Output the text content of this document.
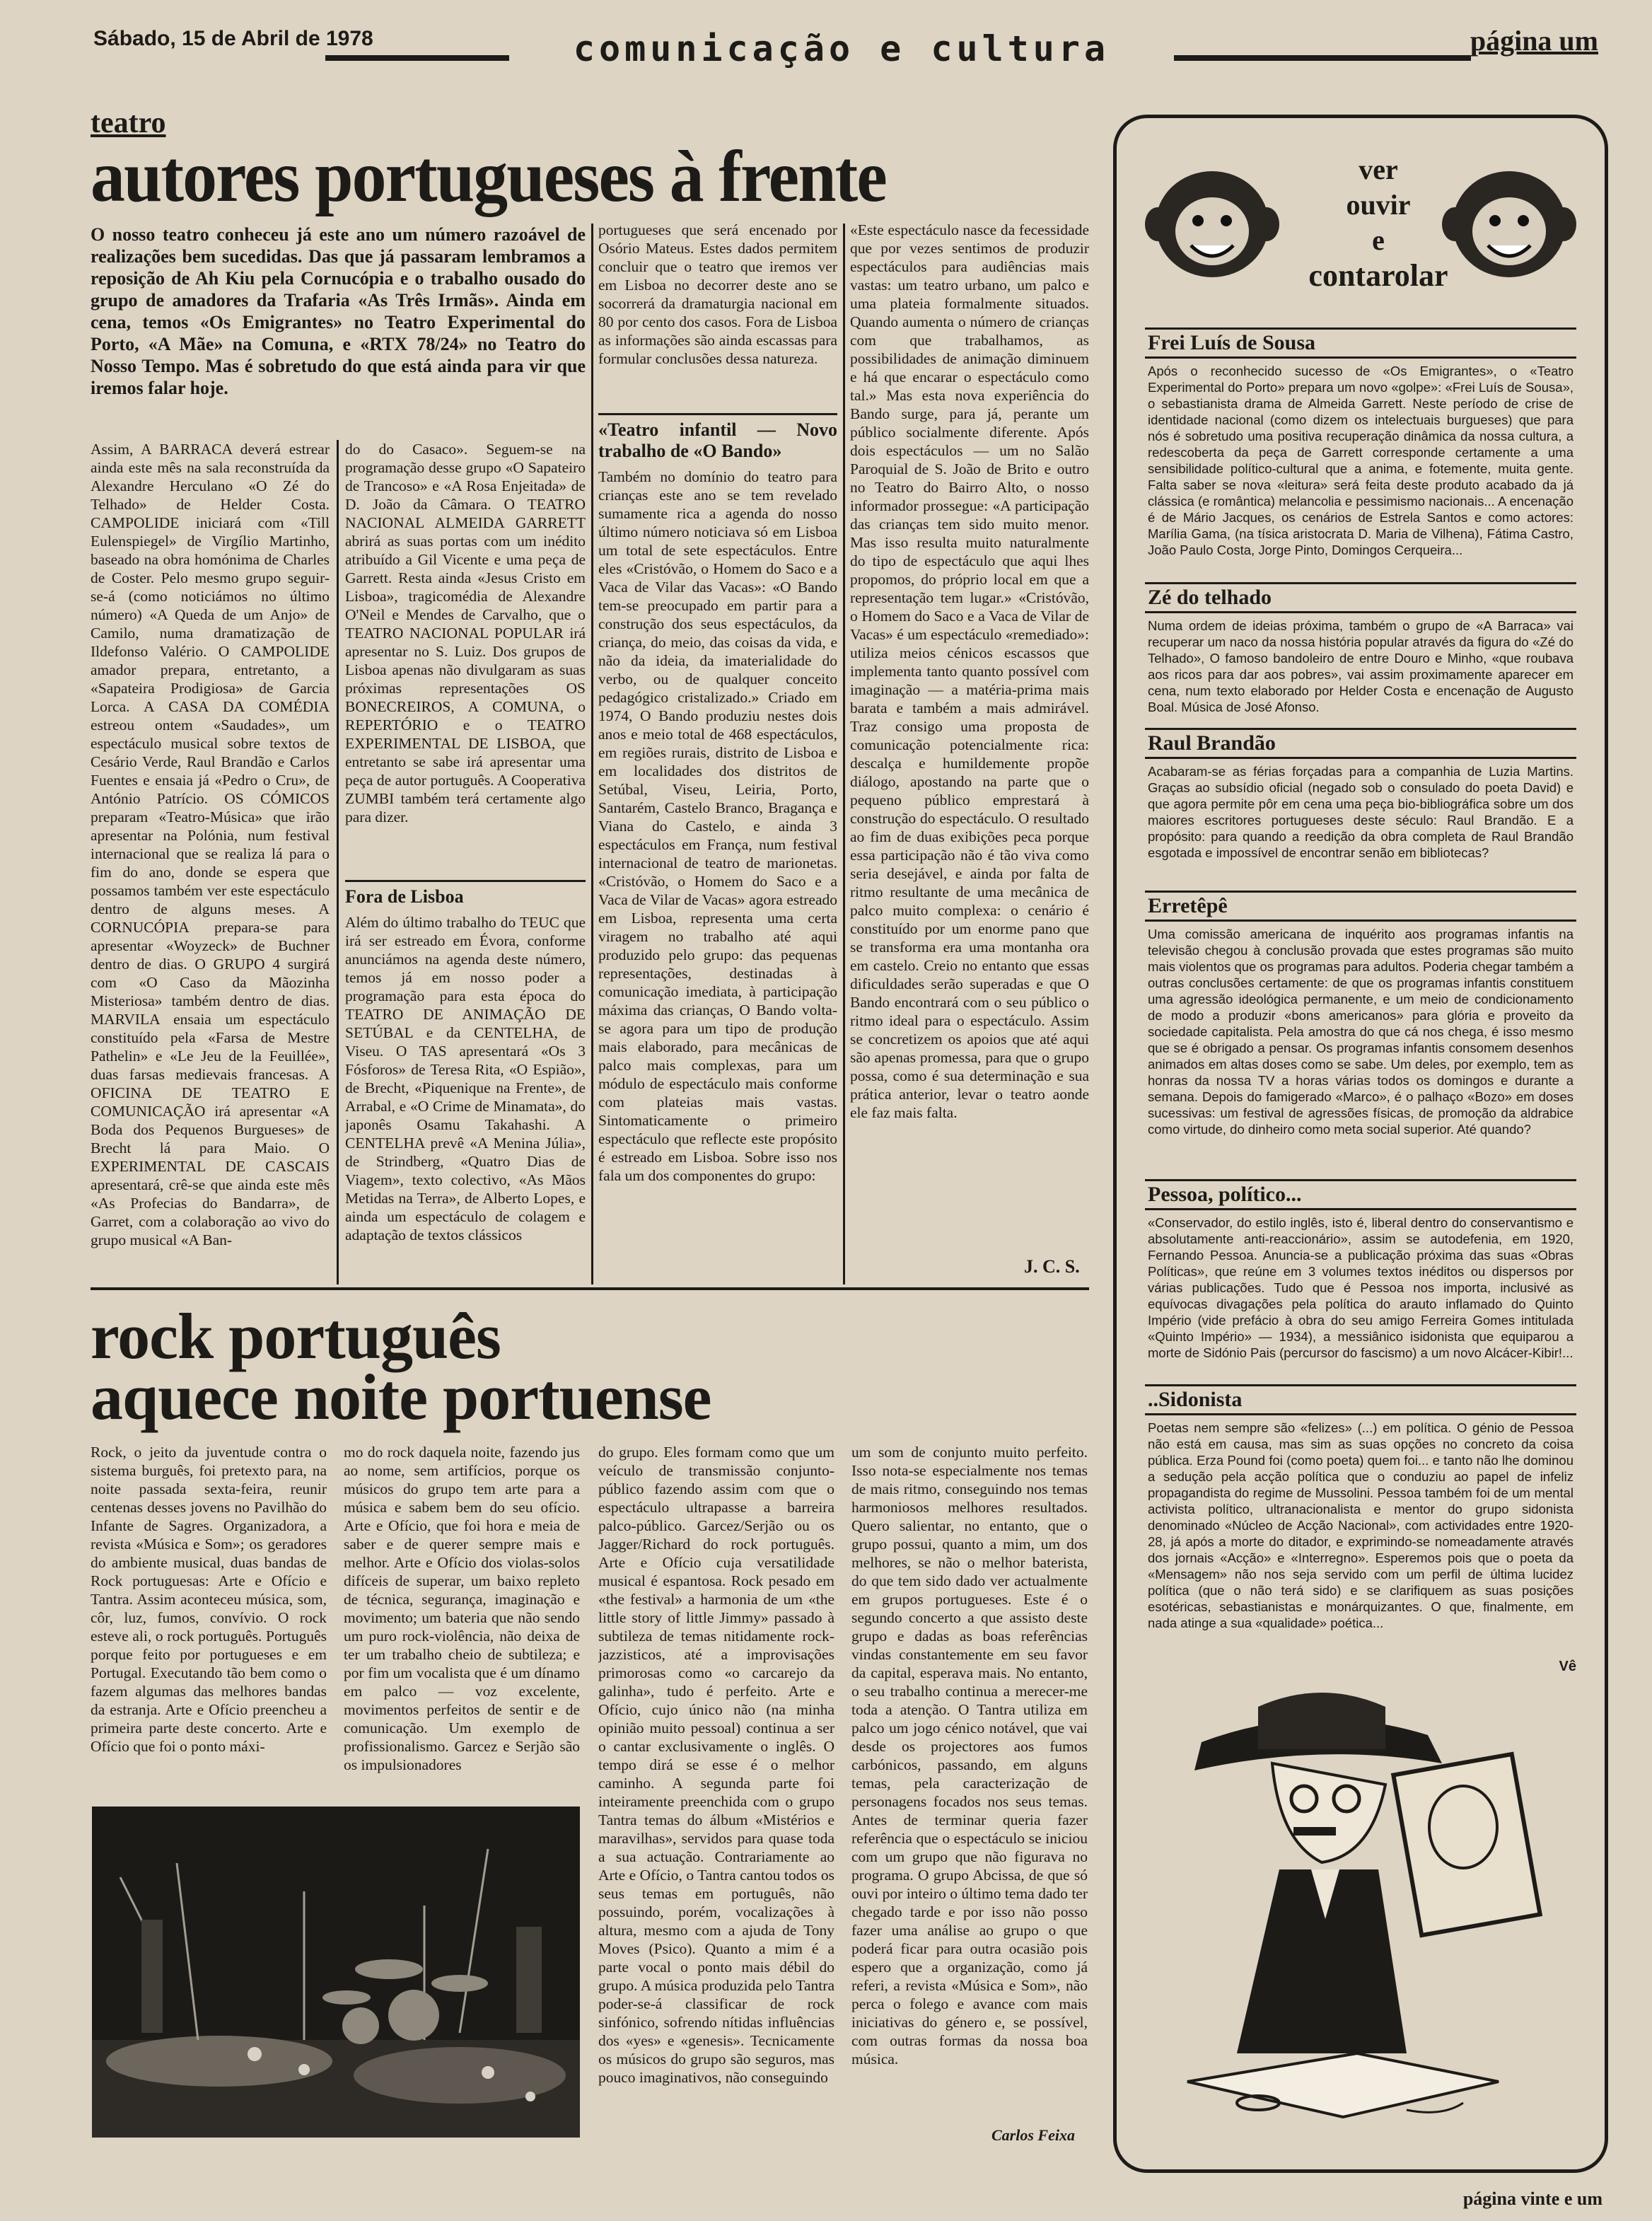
Sábado, 15 de Abril de 1978	comunicação e cultura	página um
teatro
autores portugueses à frente
O nosso teatro conheceu já este ano um número razoável de realizações bem sucedidas. Das que já passaram lembramos a reposição de Ah Kiu pela Cornucópia e o trabalho ousado do grupo de amadores da Trafaria «As Três Irmãs». Ainda em cena, temos «Os Emigrantes» no Teatro Experimental do Porto, «A Mãe» na Comuna, e «RTX 78/24» no Teatro do Nosso Tempo. Mas é sobretudo do que está ainda para vir que iremos falar hoje.
Assim, A BARRACA deverá estrear ainda este mês na sala reconstruída da Alexandre Herculano «O Zé do Telhado» de Helder Costa. CAMPOLIDE iniciará com «Till Eulenspiegel» de Virgílio Martinho, baseado na obra homónima de Charles de Coster. Pelo mesmo grupo seguir-se-á (como noticiámos no último número) «A Queda de um Anjo» de Camilo, numa dramatização de Ildefonso Valério. O CAMPOLIDE amador prepara, entretanto, a «Sapateira Prodigiosa» de Garcia Lorca. A CASA DA COMÉDIA estreou ontem «Saudades», um espectáculo musical sobre textos de Cesário Verde, Raul Brandão e Carlos Fuentes e ensaia já «Pedro o Cru», de António Patrício. OS CÓMICOS preparam «Teatro-Música» que irão apresentar na Polónia, num festival internacional que se realiza lá para o fim do ano, donde se espera que possamos também ver este espectáculo dentro de alguns meses. A CORNUCÓPIA prepara-se para apresentar «Woyzeck» de Buchner dentro de dias. O GRUPO 4 surgirá com «O Caso da Mãozinha Misteriosa» também dentro de dias. MARVILA ensaia um espectáculo constituído pela «Farsa de Mestre Pathelin» e «Le Jeu de la Feuillée», duas farsas medievais francesas. A OFICINA DE TEATRO E COMUNICAÇÃO irá apresentar «A Boda dos Pequenos Burgueses» de Brecht lá para Maio. O EXPERIMENTAL DE CASCAIS apresentará, crê-se que ainda este mês «As Profecias do Bandarra», de Garret, com a colaboração ao vivo do grupo musical «A Ban-
do do Casaco». Seguem-se na programação desse grupo «O Sapateiro de Trancoso» e «A Rosa Enjeitada» de D. João da Câmara. O TEATRO NACIONAL ALMEIDA GARRETT abrirá as suas portas com um inédito atribuído a Gil Vicente e uma peça de Garrett. Resta ainda «Jesus Cristo em Lisboa», tragicomédia de Alexandre O'Neil e Mendes de Carvalho, que o TEATRO NACIONAL POPULAR irá apresentar no S. Luiz. Dos grupos de Lisboa apenas não divulgaram as suas próximas representações OS BONECREIROS, A COMUNA, o REPERTÓRIO e o TEATRO EXPERIMENTAL DE LISBOA, que entretanto se sabe irá apresentar uma peça de autor português. A Cooperativa ZUMBI também terá certamente algo para dizer.
Fora de Lisboa
Além do último trabalho do TEUC que irá ser estreado em Évora, conforme anunciámos na agenda deste número, temos já em nosso poder a programação para esta época do TEATRO DE ANIMAÇÃO DE SETÚBAL e da CENTELHA, de Viseu. O TAS apresentará «Os 3 Fósforos» de Teresa Rita, «O Espião», de Brecht, «Piquenique na Frente», de Arrabal, e «O Crime de Minamata», do japonês Osamu Takahashi. A CENTELHA prevê «A Menina Júlia», de Strindberg, «Quatro Dias de Viagem», texto colectivo, «As Mãos Metidas na Terra», de Alberto Lopes, e ainda um espectáculo de colagem e adaptação de textos clássicos
portugueses que será encenado por Osório Mateus. Estes dados permitem concluir que o teatro que iremos ver em Lisboa no decorrer deste ano se socorrerá da dramaturgia nacional em 80 por cento dos casos. Fora de Lisboa as informações são ainda escassas para formular conclusões dessa natureza.
«Teatro infantil — Novo trabalho de «O Bando»
Também no domínio do teatro para crianças este ano se tem revelado sumamente rica a agenda do nosso último número noticiava só em Lisboa um total de sete espectáculos. Entre eles «Cristóvão, o Homem do Saco e a Vaca de Vilar das Vacas»: «O Bando tem-se preocupado em partir para a construção dos seus espectáculos, da criança, do meio, das coisas da vida, e não da ideia, da imaterialidade do verbo, ou de qualquer conceito pedagógico cristalizado.» Criado em 1974, O Bando produziu nestes dois anos e meio total de 468 espectáculos, em regiões rurais, distrito de Lisboa e em localidades dos distritos de Setúbal, Viseu, Leiria, Porto, Santarém, Castelo Branco, Bragança e Viana do Castelo, e ainda 3 espectáculos em França, num festival internacional de teatro de marionetas. «Cristóvão, o Homem do Saco e a Vaca de Vilar de Vacas» agora estreado em Lisboa, representa uma certa viragem no trabalho até aqui produzido pelo grupo: das pequenas representações, destinadas à comunicação imediata, à participação máxima das crianças, O Bando volta-se agora para um tipo de produção mais elaborado, para mecânicas de palco mais complexas, para um módulo de espectáculo mais conforme com plateias mais vastas. Sintomaticamente o primeiro espectáculo que reflecte este propósito é estreado em Lisboa. Sobre isso nos fala um dos componentes do grupo:
«Este espectáculo nasce da fecessidade que por vezes sentimos de produzir espectáculos para audiências mais vastas: um teatro urbano, um palco e uma plateia formalmente situados. Quando aumenta o número de crianças com que trabalhamos, as possibilidades de animação diminuem e há que encarar o espectáculo como tal.» Mas esta nova experiência do Bando surge, para já, perante um público socialmente diferente. Após dois espectáculos — um no Salão Paroquial de S. João de Brito e outro no Teatro do Bairro Alto, o nosso informador prossegue: «A participação das crianças tem sido muito menor. Mas isso resulta muito naturalmente do tipo de espectáculo que aqui lhes propomos, do próprio local em que a representação tem lugar.» «Cristóvão, o Homem do Saco e a Vaca de Vilar de Vacas» é um espectáculo «remediado»: utiliza meios cénicos escassos que implementa tanto quanto possível com imaginação — a matéria-prima mais barata e também a mais admirável. Traz consigo uma proposta de comunicação potencialmente rica: descalça e humildemente propõe diálogo, apostando na parte que o pequeno público emprestará à construção do espectáculo. O resultado ao fim de duas exibições peca porque essa participação não é tão viva como seria desejável, e ainda por falta de ritmo resultante de uma mecânica de palco muito complexa: o cenário é constituído por um enorme pano que se transforma era uma montanha ora em castelo. Creio no entanto que essas dificuldades serão superadas e que O Bando encontrará com o seu público o ritmo ideal para o espectáculo. Assim se concretizem os apoios que até aqui são apenas promessa, para que o grupo possa, como é sua determinação e sua prática anterior, levar o teatro aonde ele faz mais falta.
J. C. S.
rock português
aquece noite portuense
Rock, o jeito da juventude contra o sistema burguês, foi pretexto para, na noite passada sexta-feira, reunir centenas desses jovens no Pavilhão do Infante de Sagres. Organizadora, a revista «Música e Som»; os geradores do ambiente musical, duas bandas de Rock portuguesas: Arte e Ofício e Tantra. Assim aconteceu música, som, côr, luz, fumos, convívio. O rock esteve ali, o rock português. Português porque feito por portugueses e em Portugal. Executando tão bem como o fazem algumas das melhores bandas da estranja. Arte e Ofício preencheu a primeira parte deste concerto. Arte e Ofício que foi o ponto máxi-
mo do rock daquela noite, fazendo jus ao nome, sem artifícios, porque os músicos do grupo tem arte para a música e sabem bem do seu ofício. Arte e Ofício, que foi hora e meia de saber e de querer sempre mais e melhor. Arte e Ofício dos violas-solos difíceis de superar, um baixo repleto de técnica, segurança, imaginação e movimento; um bateria que não sendo um puro rock-violência, não deixa de ter um trabalho cheio de subtileza; e por fim um vocalista que é um dínamo em palco — voz excelente, movimentos perfeitos de sentir e de comunicação. Um exemplo de profissionalismo. Garcez e Serjão são os impulsionadores
do grupo. Eles formam como que um veículo de transmissão conjunto-público fazendo assim com que o espectáculo ultrapasse a barreira palco-público. Garcez/Serjão ou os Jagger/Richard do rock português. Arte e Ofício cuja versatilidade musical é espantosa. Rock pesado em «the festival» a harmonia de um «the little story of little Jimmy» passado à subtileza de temas nitidamente rock-jazzisticos, até a improvisações primorosas como «o carcarejo da galinha», tudo é perfeito. Arte e Ofício, cujo único não (na minha opinião muito pessoal) continua a ser o cantar exclusivamente o inglês. O tempo dirá se esse é o melhor caminho. A segunda parte foi inteiramente preenchida com o grupo Tantra temas do álbum «Mistérios e maravilhas», servidos para quase toda a sua actuação. Contrariamente ao Arte e Ofício, o Tantra cantou todos os seus temas em português, não possuindo, porém, vocalizações à altura, mesmo com a ajuda de Tony Moves (Psico). Quanto a mim é a parte vocal o ponto mais débil do grupo. A música produzida pelo Tantra poder-se-á classificar de rock sinfónico, sofrendo nítidas influências dos «yes» e «genesis». Tecnicamente os músicos do grupo são seguros, mas pouco imaginativos, não conseguindo
um som de conjunto muito perfeito. Isso nota-se especialmente nos temas de mais ritmo, conseguindo nos temas harmoniosos melhores resultados. Quero salientar, no entanto, que o grupo possui, quanto a mim, um dos melhores, se não o melhor baterista, do que tem sido dado ver actualmente em grupos portugueses. Este é o segundo concerto a que assisto deste grupo e dadas as boas referências vindas constantemente em seu favor da capital, esperava mais. No entanto, o seu trabalho continua a merecer-me toda a atenção. O Tantra utiliza em palco um jogo cénico notável, que vai desde os projectores aos fumos carbónicos, passando, em alguns temas, pela caracterização de personagens focados nos seus temas. Antes de terminar queria fazer referência que o espectáculo se iniciou com um grupo que não figurava no programa. O grupo Abcissa, de que só ouvi por inteiro o último tema dado ter chegado tarde e por isso não posso fazer uma análise ao grupo o que poderá ficar para outra ocasião pois espero que a organização, como já referi, a revista «Música e Som», não perca o folego e avance com mais iniciativas do género e, se possível, com outras formas da nossa boa música.
Carlos Feixa
ver
ouvir
e
contarolar
Frei Luís de Sousa
Após o reconhecido sucesso de «Os Emigrantes», o «Teatro Experimental do Porto» prepara um novo «golpe»: «Frei Luís de Sousa», o sebastianista drama de Almeida Garrett. Neste período de crise de identidade nacional (como dizem os intelectuais burgueses) que para nós é sobretudo uma positiva recuperação dinâmica da nossa cultura, a redescoberta da peça de Garrett corresponde certamente a uma sensibilidade político-cultural que a anima, e fotemente, muita gente. Falta saber se nova «leitura» será feita deste produto acabado da já clássica (e romântica) melancolia e pessimismo nacionais... A encenação é de Mário Jacques, os cenários de Estrela Santos e como actores: Marília Gama, (na tísica aristocrata D. Maria de Vilhena), Fátima Castro, João Paulo Costa, Jorge Pinto, Domingos Cerqueira...
Zé do telhado
Numa ordem de ideias próxima, também o grupo de «A Barraca» vai recuperar um naco da nossa história popular através da figura do «Zé do Telhado», O famoso bandoleiro de entre Douro e Minho, «que roubava aos ricos para dar aos pobres», vai assim proximamente aparecer em cena, num texto elaborado por Helder Costa e encenação de Augusto Boal. Música de José Afonso.
Raul Brandão
Acabaram-se as férias forçadas para a companhia de Luzia Martins. Graças ao subsídio oficial (negado sob o consulado do poeta David) e que agora permite pôr em cena uma peça bio-bibliográfica sobre um dos maiores escritores portugueses deste século: Raul Brandão. E a propósito: para quando a reedição da obra completa de Raul Brandão esgotada e impossível de encontrar senão em bibliotecas?
Erretêpê
Uma comissão americana de inquérito aos programas infantis na televisão chegou à conclusão provada que estes programas são muito mais violentos que os programas para adultos. Poderia chegar também a outras conclusões certamente: de que os programas infantis constituem uma agressão ideológica permanente, e um meio de condicionamento de modo a produzir «bons americanos» para glória e proveito da sociedade capitalista. Pela amostra do que cá nos chega, é isso mesmo que se é obrigado a pensar. Os programas infantis consomem desenhos animados em altas doses como se sabe. Um deles, por exemplo, tem as honras da nossa TV a horas várias todos os domingos e durante a semana. Depois do famigerado «Marco», é o palhaço «Bozo» em doses sucessivas: um festival de agressões físicas, de promoção da aldrabice como virtude, do dinheiro como meta social superior. Até quando?
Pessoa, político...
«Conservador, do estilo inglês, isto é, liberal dentro do conservantismo e absolutamente anti-reaccionário», assim se autodefenia, em 1920, Fernando Pessoa. Anuncia-se a publicação próxima das suas «Obras Políticas», que reúne em 3 volumes textos inéditos ou dispersos por várias publicações. Tudo que é Pessoa nos importa, inclusivé as equívocas divagações pela política do arauto inflamado do Quinto Império (vide prefácio à obra do seu amigo Ferreira Gomes intitulada «Quinto Império» — 1934), a messiânico isidonista que equiparou a morte de Sidónio Pais (percursor do fascismo) a um novo Alcácer-Kibir!...
..Sidonista
Poetas nem sempre são «felizes» (...) em política. O génio de Pessoa não está em causa, mas sim as suas opções no concreto da coisa pública. Erza Pound foi (como poeta) quem foi... e tanto não lhe dominou a sedução pela acção política que o conduziu ao papel de infeliz propagandista do regime de Mussolini. Pessoa também foi de um mental activista político, ultranacionalista e mentor do grupo sidonista denominado «Núcleo de Acção Nacional», com actividades entre 1920-28, já após a morte do ditador, e exprimindo-se nomeadamente através dos jornais «Acção» e «Interregno». Esperemos pois que o poeta da «Mensagem» não nos seja servido com um perfil de última lucidez política (que o não terá sido) e se clarifiquem as suas posições esotéricas, sebastianistas e monárquizantes. O que, finalmente, em nada atinge a sua «qualidade» poética...
Vê
página vinte e um
